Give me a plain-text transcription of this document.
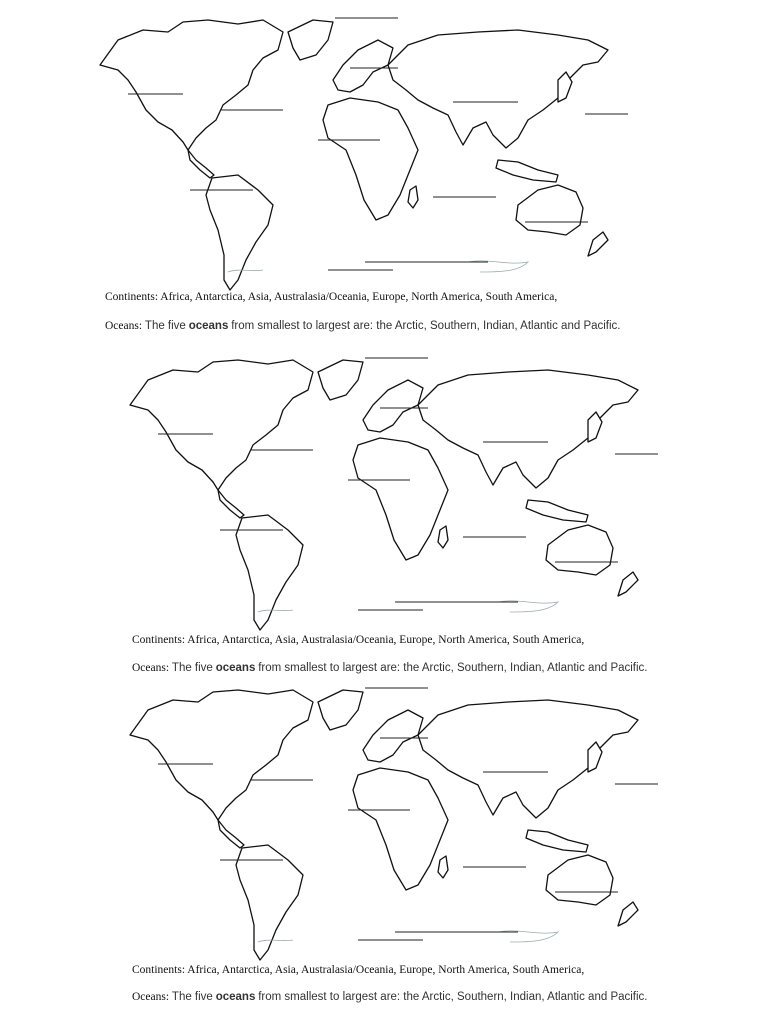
Continents: Africa, Antarctica, Asia, Australasia/Oceania, Europe, North America, South America,
Oceans: The five oceans from smallest to largest are: the Arctic, Southern, Indian, Atlantic and Pacific.
Continents: Africa, Antarctica, Asia, Australasia/Oceania, Europe, North America, South America,
Oceans: The five oceans from smallest to largest are: the Arctic, Southern, Indian, Atlantic and Pacific.
Continents: Africa, Antarctica, Asia, Australasia/Oceania, Europe, North America, South America,
Oceans: The five oceans from smallest to largest are: the Arctic, Southern, Indian, Atlantic and Pacific.
